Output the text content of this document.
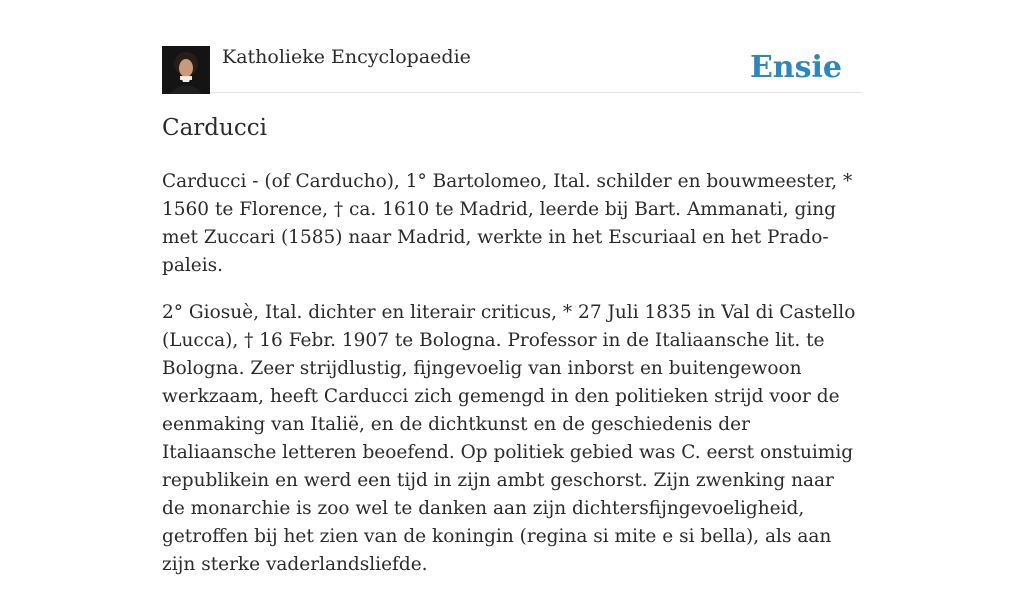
Katholieke Encyclopaedie	Ensie
Carducci

Carducci - (of Carducho), 1° Bartolomeo, Ital. schilder en bouwmeester, * 1560 te Florence, † ca. 1610 te Madrid, leerde bij Bart. Ammanati, ging met Zuccari (1585) naar Madrid, werkte in het Escuriaal en het Prado-paleis.

2° Giosuè, Ital. dichter en literair criticus, * 27 Juli 1835 in Val di Castello (Lucca), † 16 Febr. 1907 te Bologna. Professor in de Italiaansche lit. te Bologna. Zeer strijdlustig, fijngevoelig van inborst en buitengewoon werkzaam, heeft Carducci zich gemengd in den politieken strijd voor de eenmaking van Italië, en de dichtkunst en de geschiedenis der Italiaansche letteren beoefend. Op politiek gebied was C. eerst onstuimig republikein en werd een tijd in zijn ambt geschorst. Zijn zwenking naar de monarchie is zoo wel te danken aan zijn dichtersfijngevoeligheid, getroffen bij het zien van de koningin (regina si mite e si bella), als aan zijn sterke vaderlandsliefde.
